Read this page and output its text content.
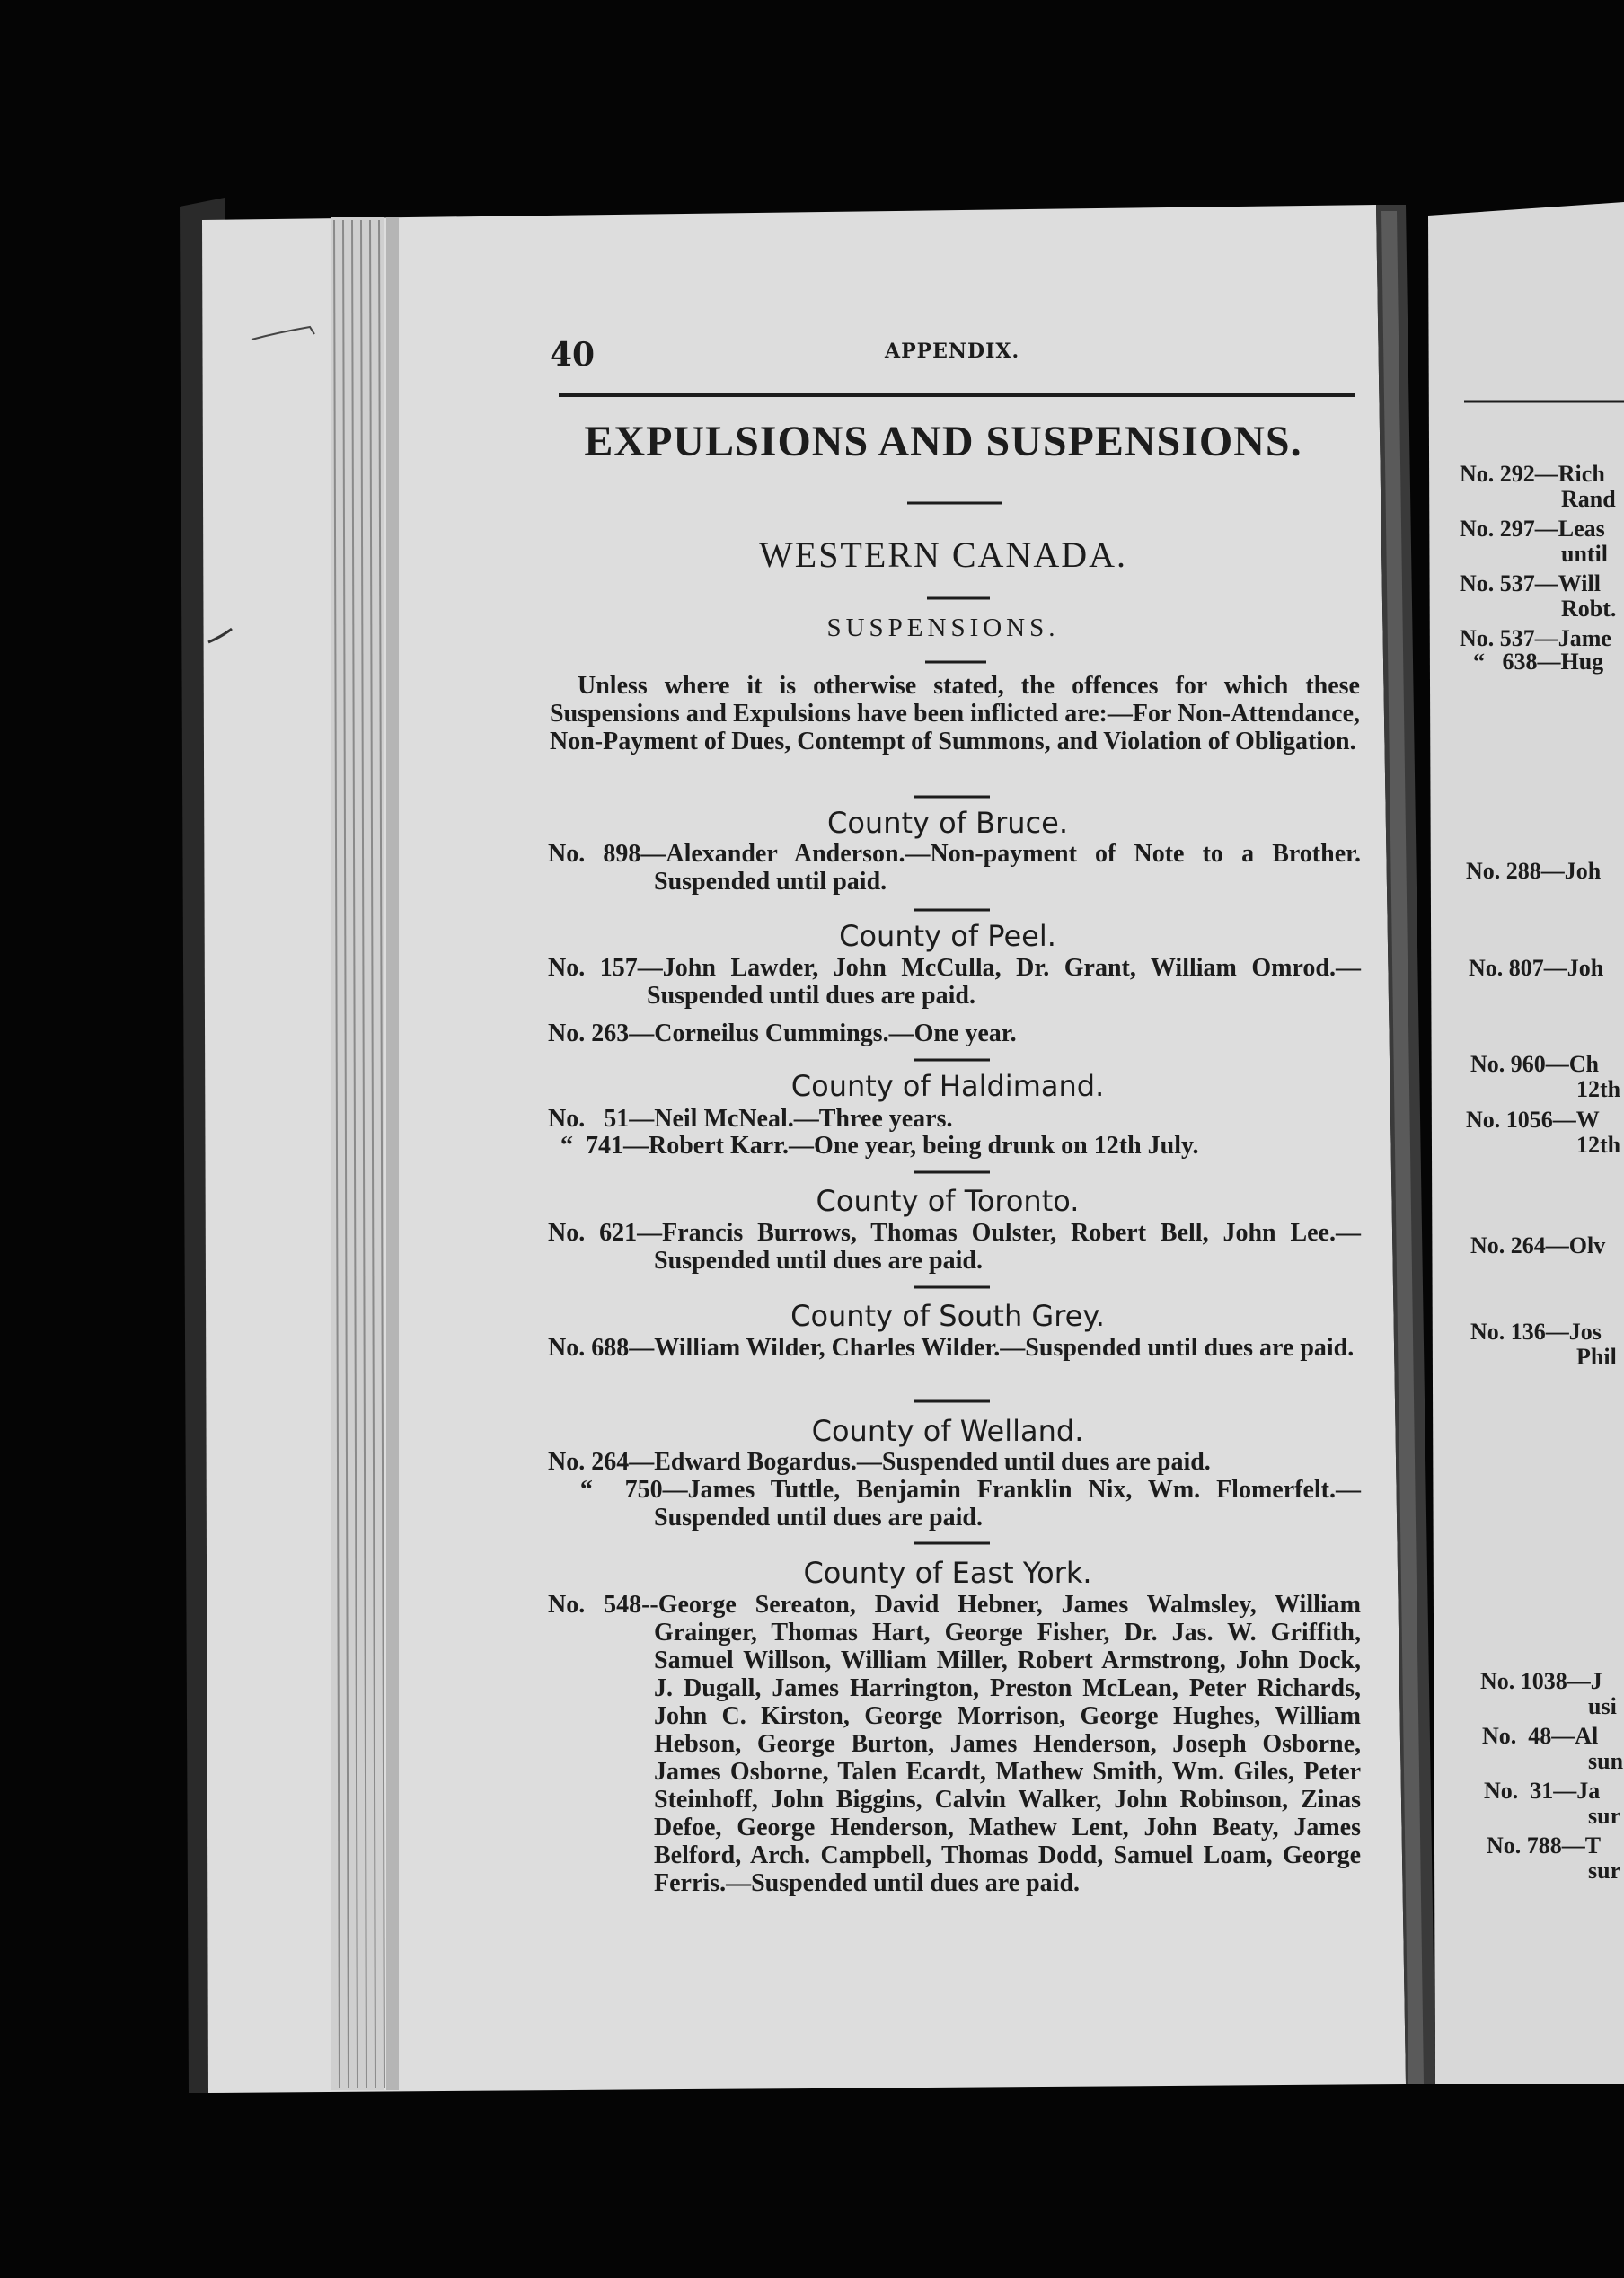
40	APPENDIX.
EXPULSIONS AND SUSPENSIONS.
WESTERN CANADA.
SUSPENSIONS.
Unless where it is otherwise stated, the offences for which these Suspensions and Expulsions have been inflicted are:—For Non-Attendance, Non-Payment of Dues, Contempt of Summons, and Violation of Obligation.
County of Bruce.
No. 898—Alexander Anderson.—Non-payment of Note to a Brother. Suspended until paid.
County of Peel.
No. 157—John Lawder, John McCulla, Dr. Grant, William Omrod.— Suspended until dues are paid.
No. 263—Corneilus Cummings.—One year.
County of Haldimand.
No.   51—Neil McNeal.—Three years.
“  741—Robert Karr.—One year, being drunk on 12th July.
County of Toronto.
No. 621—Francis Burrows, Thomas Oulster, Robert Bell, John Lee.— Suspended until dues are paid.
County of South Grey.
No. 688—William Wilder, Charles Wilder.—Suspended until dues are paid.
County of Welland.
No. 264—Edward Bogardus.—Suspended until dues are paid.
“  750—James Tuttle, Benjamin Franklin Nix, Wm. Flomerfelt.— Suspended until dues are paid.
County of East York.
No. 548--George Sereaton, David Hebner, James Walmsley, William Grainger, Thomas Hart, George Fisher, Dr. Jas. W. Griffith, Samuel Willson, William Miller, Robert Armstrong, John Dock, J. Dugall, James Harrington, Preston McLean, Peter Richards, John C. Kirston, George Morrison, George Hughes, William Hebson, George Burton, James Henderson, Joseph Osborne, James Osborne, Talen Ecardt, Mathew Smith, Wm. Giles, Peter Steinhoff, John Biggins, Calvin Walker, John Robinson, Zinas Defoe, George Henderson, Mathew Lent, John Beaty, James Belford, Arch. Campbell, Thomas Dodd, Samuel Loam, George Ferris.—Suspended until dues are paid.
No. 292—Rich
Rand
No. 297—Leas
until
No. 537—Will
Robt.
No. 537—Jame
“   638—Hug
No. 288—Joh
No. 807—Joh
No. 960—Ch
12th
No. 1056—W
12th
No. 264—Olv
No. 136—Jos
Phil
No. 1038—J
usi
No.  48—Al
sun
No.  31—Ja
sur
No. 788—T
sur
